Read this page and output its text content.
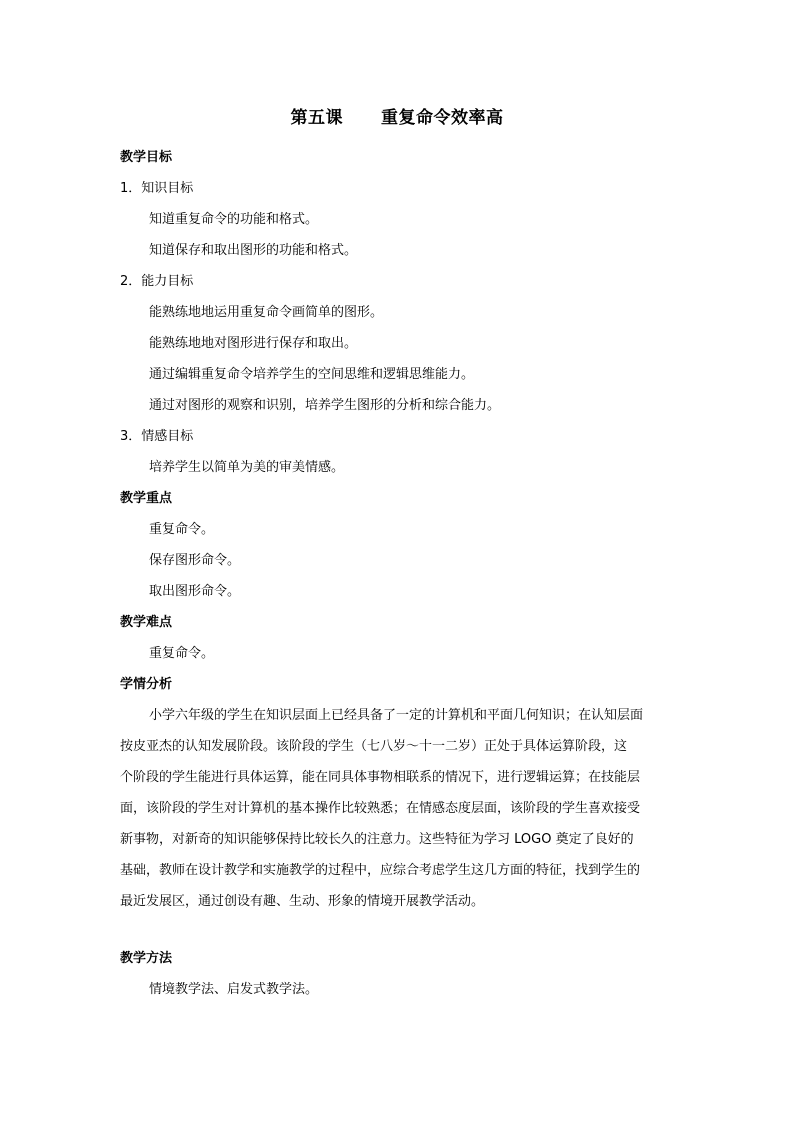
第五课 重复命令效率高
教学目标
1．知识目标
知道重复命令的功能和格式。
知道保存和取出图形的功能和格式。
2．能力目标
能熟练地地运用重复命令画简单的图形。
能熟练地地对图形进行保存和取出。
通过编辑重复命令培养学生的空间思维和逻辑思维能力。
通过对图形的观察和识别，培养学生图形的分析和综合能力。
3．情感目标
培养学生以简单为美的审美情感。
教学重点
重复命令。
保存图形命令。
取出图形命令。
教学难点
重复命令。
学情分析
小学六年级的学生在知识层面上已经具备了一定的计算机和平面几何知识；在认知层面
按皮亚杰的认知发展阶段。该阶段的学生（七八岁～十一二岁）正处于具体运算阶段，这
个阶段的学生能进行具体运算，能在同具体事物相联系的情况下，进行逻辑运算；在技能层
面，该阶段的学生对计算机的基本操作比较熟悉；在情感态度层面，该阶段的学生喜欢接受
新事物，对新奇的知识能够保持比较长久的注意力。这些特征为学习 LOGO 奠定了良好的
基础，教师在设计教学和实施教学的过程中，应综合考虑学生这几方面的特征，找到学生的
最近发展区，通过创设有趣、生动、形象的情境开展教学活动。
教学方法
情境教学法、启发式教学法。
